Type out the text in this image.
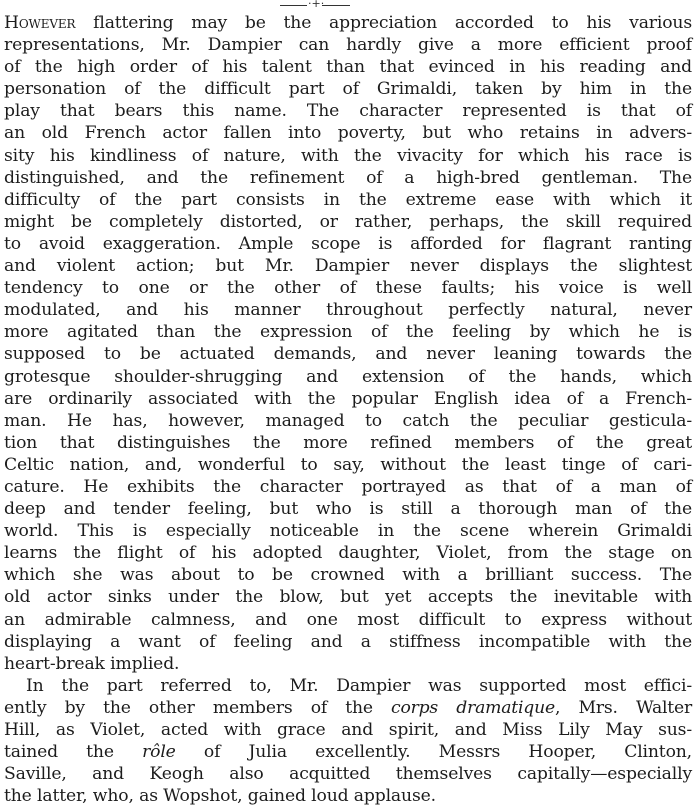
·+·
However flattering may be the appreciation accorded to his various
representations, Mr. Dampier can hardly give a more efficient proof
of the high order of his talent than that evinced in his reading and
personation of the difficult part of Grimaldi, taken by him in the
play that bears this name. The character represented is that of
an old French actor fallen into poverty, but who retains in advers-
sity his kindliness of nature, with the vivacity for which his race is
distinguished, and the refinement of a high-bred gentleman. The
difficulty of the part consists in the extreme ease with which it
might be completely distorted, or rather, perhaps, the skill required
to avoid exaggeration. Ample scope is afforded for flagrant ranting
and violent action; but Mr. Dampier never displays the slightest
tendency to one or the other of these faults; his voice is well
modulated, and his manner throughout perfectly natural, never
more agitated than the expression of the feeling by which he is
supposed to be actuated demands, and never leaning towards the
grotesque shoulder-shrugging and extension of the hands, which
are ordinarily associated with the popular English idea of a French-
man. He has, however, managed to catch the peculiar gesticula-
tion that distinguishes the more refined members of the great
Celtic nation, and, wonderful to say, without the least tinge of cari-
cature. He exhibits the character portrayed as that of a man of
deep and tender feeling, but who is still a thorough man of the
world. This is especially noticeable in the scene wherein Grimaldi
learns the flight of his adopted daughter, Violet, from the stage on
which she was about to be crowned with a brilliant success. The
old actor sinks under the blow, but yet accepts the inevitable with
an admirable calmness, and one most difficult to express without
displaying a want of feeling and a stiffness incompatible with the
heart-break implied.
In the part referred to, Mr. Dampier was supported most effici-
ently by the other members of the corps dramatique, Mrs. Walter
Hill, as Violet, acted with grace and spirit, and Miss Lily May sus-
tained the rôle of Julia excellently. Messrs Hooper, Clinton,
Saville, and Keogh also acquitted themselves capitally—especially
the latter, who, as Wopshot, gained loud applause.
